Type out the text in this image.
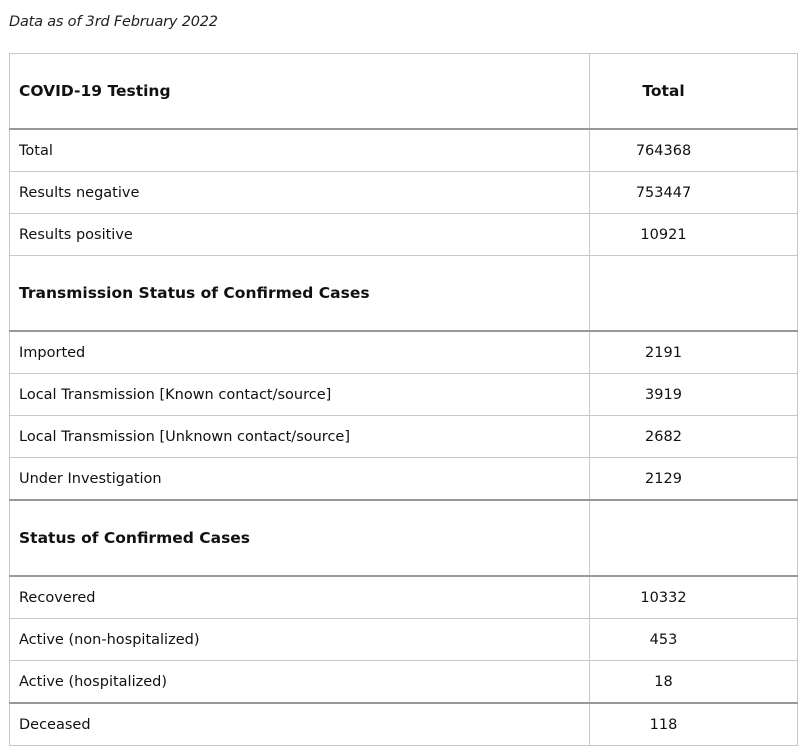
Data as of 3rd February 2022
COVID-19 Testing	Total
Total	764368
Results negative	753447
Results positive	10921
Transmission Status of Confirmed Cases	
Imported	2191
Local Transmission [Known contact/source]	3919
Local Transmission [Unknown contact/source]	2682
Under Investigation	2129
Status of Confirmed Cases	
Recovered	10332
Active (non-hospitalized)	453
Active (hospitalized)	18
Deceased	118
